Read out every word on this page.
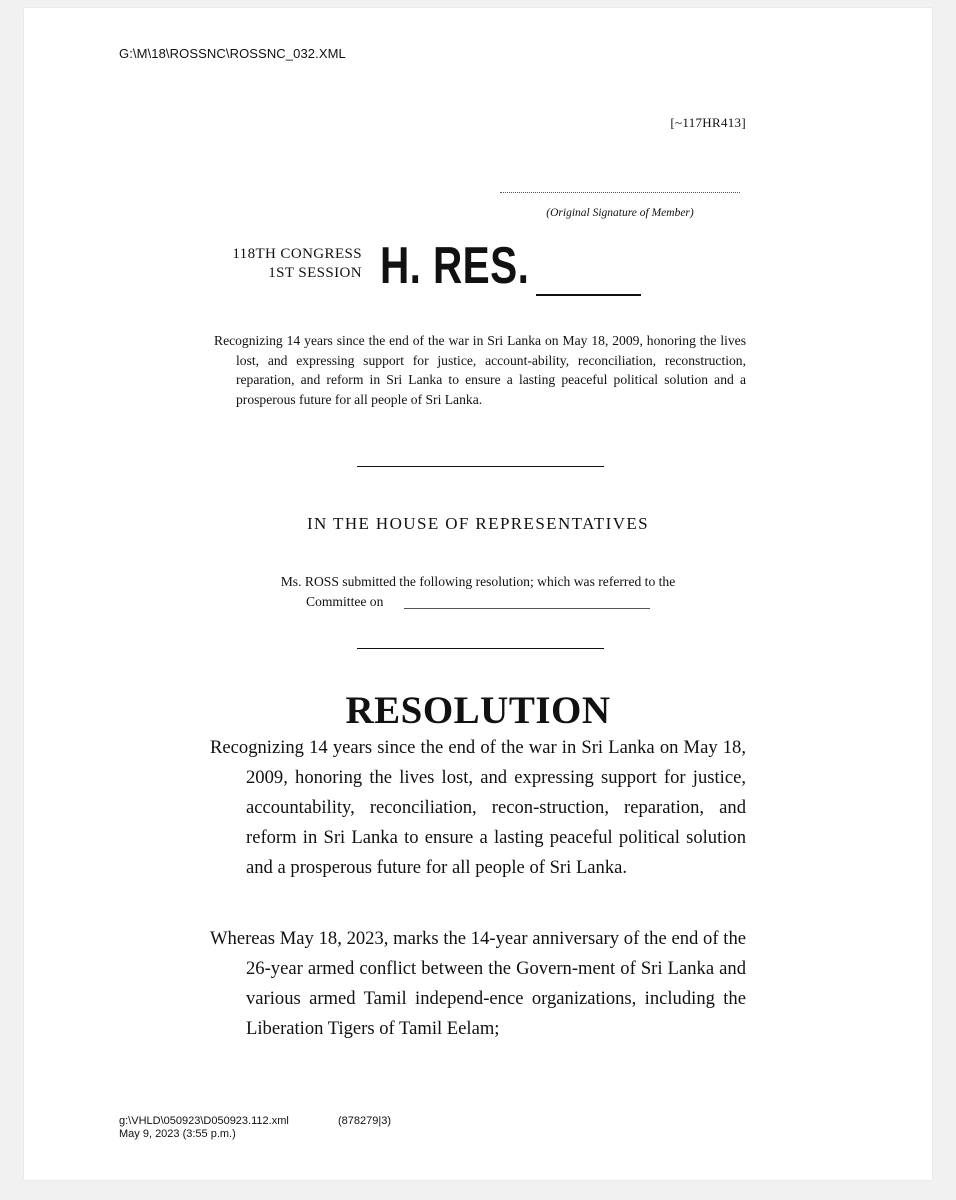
G:\M\18\ROSSNC\ROSSNC_032.XML
[~117HR413]
(Original Signature of Member)
118TH CONGRESS
1ST SESSION H. RES.
Recognizing 14 years since the end of the war in Sri Lanka on May 18, 2009, honoring the lives lost, and expressing support for justice, account-ability, reconciliation, reconstruction, reparation, and reform in Sri Lanka to ensure a lasting peaceful political solution and a prosperous future for all people of Sri Lanka.
IN THE HOUSE OF REPRESENTATIVES
Ms. ROSS submitted the following resolution; which was referred to the
Committee on
RESOLUTION
Recognizing 14 years since the end of the war in Sri Lanka on May 18, 2009, honoring the lives lost, and expressing support for justice, accountability, reconciliation, recon-struction, reparation, and reform in Sri Lanka to ensure a lasting peaceful political solution and a prosperous future for all people of Sri Lanka.
Whereas May 18, 2023, marks the 14-year anniversary of the end of the 26-year armed conflict between the Govern-ment of Sri Lanka and various armed Tamil independ-ence organizations, including the Liberation Tigers of Tamil Eelam;
g:\VHLD\050923\D050923.112.xml
May 9, 2023 (3:55 p.m.)
(878279|3)
